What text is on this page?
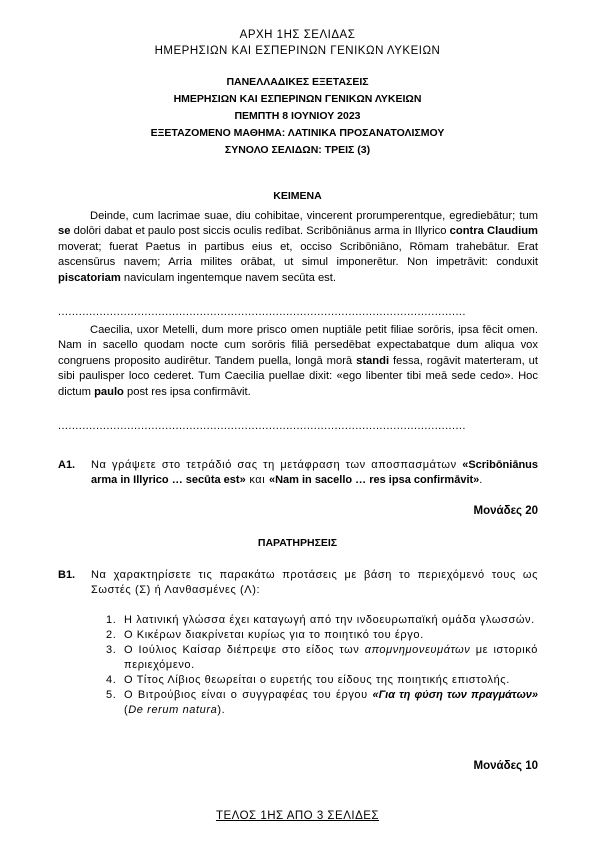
ΑΡΧΗ 1ΗΣ ΣΕΛΙΔΑΣ
ΗΜΕΡΗΣΙΩΝ ΚΑΙ ΕΣΠΕΡΙΝΩΝ ΓΕΝΙΚΩΝ ΛΥΚΕΙΩΝ
ΠΑΝΕΛΛΑΔΙΚΕΣ ΕΞΕΤΑΣΕΙΣ
ΗΜΕΡΗΣΙΩΝ ΚΑΙ ΕΣΠΕΡΙΝΩΝ ΓΕΝΙΚΩΝ ΛΥΚΕΙΩΝ
ΠΕΜΠΤΗ 8 ΙΟΥΝΙΟΥ 2023
ΕΞΕΤΑΖΟΜΕΝΟ ΜΑΘΗΜΑ: ΛΑΤΙΝΙΚΑ ΠΡΟΣΑΝΑΤΟΛΙΣΜΟΥ
ΣΥΝΟΛΟ ΣΕΛΙΔΩΝ: ΤΡΕΙΣ (3)
ΚΕΙΜΕΝΑ

Deinde, cum lacrimae suae, diu cohibitae, vincerent prorumperentque, egrediebātur; tum se dolōri dabat et paulo post siccis oculis redībat. Scribōniānus arma in Illyrico contra Claudium moverat; fuerat Paetus in partibus eius et, occiso Scribōniāno, Rōmam trahebātur. Erat ascensūrus navem; Arria milites orābat, ut simul imponerētur. Non impetrāvit: conduxit piscatoriam naviculam ingentemque navem secūta est.

......................................................................................................................

Caecilia, uxor Metelli, dum more prisco omen nuptiāle petit filiae sorōris, ipsa fēcit omen. Nam in sacello quodam nocte cum sorōris filiā persedēbat expectabatque dum aliqua vox congruens proposito audirētur. Tandem puella, longā morā standi fessa, rogāvit materteram, ut sibi paulisper loco cederet. Tum Caecilia puellae dixit: «ego libenter tibi meā sede cedo». Hoc dictum paulo post res ipsa confirmāvit.

......................................................................................................................
Α1. Να γράψετε στο τετράδιό σας τη μετάφραση των αποσπασμάτων «Scribōniānus arma in Illyrico … secūta est» και «Nam in sacello … res ipsa confirmāvit».
Μονάδες 20
ΠΑΡΑΤΗΡΗΣΕΙΣ
Β1. Να χαρακτηρίσετε τις παρακάτω προτάσεις με βάση το περιεχόμενό τους ως Σωστές (Σ) ή Λανθασμένες (Λ):
1. Η λατινική γλώσσα έχει καταγωγή από την ινδοευρωπαϊκή ομάδα γλωσσών.
2. Ο Κικέρων διακρίνεται κυρίως για το ποιητικό του έργο.
3. Ο Ιούλιος Καίσαρ διέπρεψε στο είδος των απομνημονευμάτων με ιστορικό περιεχόμενο.
4. Ο Τίτος Λίβιος θεωρείται ο ευρετής του είδους της ποιητικής επιστολής.
5. Ο Βιτρούβιος είναι ο συγγραφέας του έργου «Για τη φύση των πραγμάτων» (De rerum natura).
Μονάδες 10
ΤΕΛΟΣ 1ΗΣ ΑΠΟ 3 ΣΕΛΙΔΕΣ
